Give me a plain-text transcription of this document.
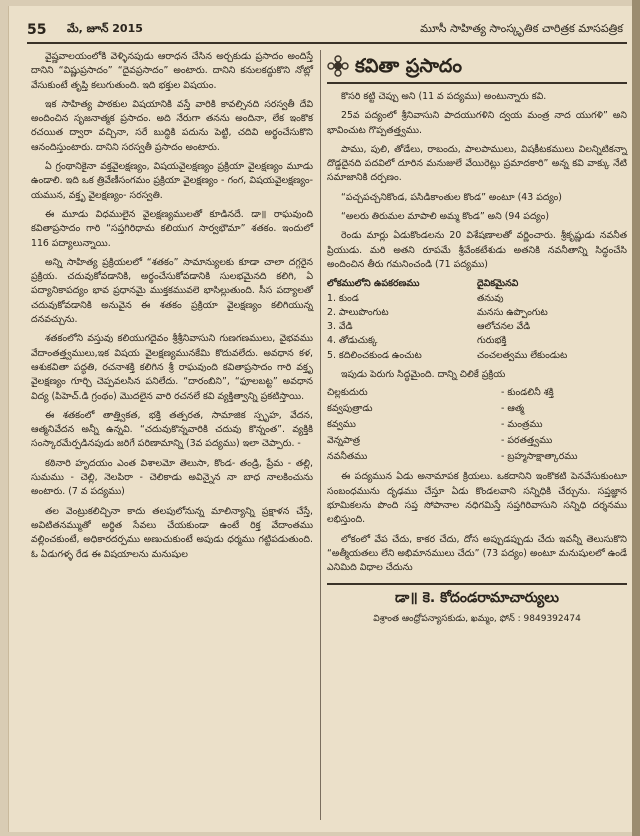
55	మే, జూన్ 2015	మూసీ సాహిత్య సాంస్కృతిక చారిత్రక మాసపత్రిక

వైష్ణవాలయంలోకి వెళ్ళినపుడు ఆరాధన చేసిన అర్చకుడు ప్రసాదం అందిస్తే దానిని “విష్ణుప్రసాదం” “దైవప్రసాదం” అంటారు. దానిని కనులకద్దుకొని నోట్లో వేసుకుంటే తృప్తి కలుగుతుంది. ఇది భక్తుల విషయం.

ఇక సాహిత్య పాఠకుల విషయానికి వస్తే వారికి కావల్సినది సరస్వతీ దేవి అందించిన సృజనాత్మక ప్రసాదం. అది నేరుగా తనను అందినా, లేక ఇంకొక రచయిత ద్వారా వచ్చినా, సరే బుద్ధికి పదును పెట్టి, చదివి అర్థంచేసుకొని ఆనందిస్తుంటారు. దానిని సరస్వతీ ప్రసాదం అంటారు.

ఏ గ్రంథానికైనా వక్తవైలక్షణ్యం, విషయవైలక్షణ్యం ప్రక్రియా వైలక్షణ్యం మూడు ఉండాలి. ఇది ఒక త్రివేణీసంగమం ప్రక్రియా వైలక్షణ్యం - గంగ, విషయవైలక్షణ్యం- యమున, వక్తృ వైలక్షణ్యం- సరస్వతి.

ఈ మూడు విధములైన వైలక్షణ్యములతో కూడినదే. డా॥ రాఘవుంది కవితాప్రసాదం గారి “సప్తగిరిధామ కలియుగ సార్వభౌమా” శతకం. ఇందులో 116 పద్యాలున్నాయి.

అన్ని సాహిత్య ప్రక్రియలలో “శతకం” సామాన్యులకు కూడా చాలా దగ్గరైన ప్రక్రియ. చదువుకోవడానికి, అర్థంచేసుకోవడానికి సులభమైనది కలిగి, ఏ పద్యానికాపద్యం భావ ప్రధానమై ముక్తకమువలె భాసిల్లుతుంది. సీస పద్యాలతో చదువుకోవడానికి అనువైన ఈ శతకం ప్రక్రియా వైలక్షణ్యం కలిగియున్న దనవచ్చును.

శతకంలోని వస్తువు కలియుగదైవం శ్రీశ్రీనివాసుని గుణగణములు, వైభవము వేదాంతత్త్వములు,ఇక విషయ వైలక్షణ్యమునకేమి కొదువలేదు. అవధాన కళ, ఆశుకవితా పద్ధతి, రచనాశక్తి కలిగిన శ్రీ రాఘవుంది కవితాప్రసాదం గారి వక్తృ వైలక్షణ్యం గూర్చి చెప్పవలసిన పనిలేదు. “దారంబిని”, “ఫూలబట్ట” అవధాన విద్య (పిహెచ్.డి గ్రంథం) మొదలైన వారి రచనలే కవి వ్యక్తిత్వాన్ని ప్రకటిస్తాయి.

ఈ శతకంలో తాత్త్వికత, భక్తి తత్పరత, సామాజిక స్పృహ, వేదన, ఆత్మనివేదన అన్నీ ఉన్నవి. “చదువుకొన్నవారికి చదువు కొన్నంత”. వ్యక్తికి సంస్కారమేర్పడినపుడు జరిగే పరిణామాన్ని (3వ పద్యము) ఇలా చెప్పారు. -

కఠినారి హృదయం ఎంత విశాలమో తెలుసా, కొండ- తండ్రి, ప్రేమ - తల్లి, సుమము - చెల్లి, నెలపిరా - చెలికాడు అవిన్నైన నా బాధ నాలకించును అంటారు. (7 వ పద్యము)

తల వెంట్రుకలిచ్చినా కాదు తలపులోనున్న మాలిన్యాన్ని ప్రక్షాళన చేస్తే, అవిటితనమ్ముతో అర్థిత సేవలు చేయకుండా ఉంటే రిక్త వేదాంతము వల్లించకుంటే, అధికారదర్పము అణుచుకుంటే అపుడు ధర్మము గట్టిపడుతుంది. ఓ ఏడుగళ్ళ రేడ ఈ విషయాలను మనుషుల

కవితా ప్రసాదం

కొసరి కట్టి చెప్పు అని (11 వ పద్యము) అంటున్నారు కవి.

25వ పద్యంలో శ్రీనివాసుని పాదయుగళిని ద్వయ మంత్ర నాద యుగళి” అని భావించుట గొప్పతత్త్వము.

పాము, పులి, తోడేలు, రాబందు, పాలపాములు, విషకీటకములు విలన్నిటికన్నా దొడ్డదైనది పదవిలో దూరిన మనుజులే వేయిరెట్లు ప్రమాదకారి” అన్న కవి వాక్కు నేటి సమాజానికి దర్పణం.

“పచ్చపచ్చనికొండ, పసిడికాంతుల కొండ” అంటూ (43 పద్యం)

“అలరు తిరుమల మాపాలి అమ్మ కొండ” అని (94 పద్యం)

రెండు మార్లు ఏడుకొండలను 20 విశేషణాలతో వర్ణించారు. శ్రీకృష్ణుడు నవనీత ప్రియుడు. మరి అతని రూపమే శ్రీవేంకటేశుడు అతనికి నవనీతాన్ని సిద్ధంచేసి అందించిన తీరు గమనించండి (71 పద్యము)

లోకములోని ఉపకరణము	దైవికమైనవి
1. కుండ	తనువు
2. పాలుపొంగుట	మనసు ఉప్పొంగుట
3. వేడి	ఆలోచనల వేడి
4. తోడుచుక్క	గురుభక్తి
5. కదిలించకుండ ఉంచుట	చంచలత్వము లేకుండుట

ఇపుడు పెరుగు సిద్ధమైంది. దాన్ని చిలికే ప్రక్రియ

చిల్లకుదురు	- కుండలినీ శక్తి
కవ్వపుత్రాడు	- ఆత్మ
కవ్వము	- మంత్రము
వెన్నపాత్ర	- పరతత్త్వము
నవనీతము	- బ్రహ్మసాక్షాత్కారము

ఈ పద్యమున ఏడు అనామాపక క్రియలు. ఒకదానిని ఇంకొకటి పెనవేసుకుంటూ సంబంధమును దృఢము చేస్తూ ఏడు కొండలవాని సన్నిధికి చేర్చును. సప్తజ్ఞాన భూమికలను పొంది సప్త సోపానాల నధిగమిస్తే సప్తగిరివాసుని సన్నిధి దర్శనము లభిస్తుంది.

లోకంలో వేప చేదు, కాకర చేదు, దోస అప్పుడప్పుడు చేదు ఇవన్నీ తెలుసుకొని “అత్మీయతలు లేని అభిమానములు చేదు” (73 పద్యం) అంటూ మనుషులలో ఉండే ఎనిమిది విధాల చేదును

డా॥ కె. కోదండరామాచార్యులు
విశ్రాంత ఆంధ్రోపన్యాసకుడు, ఖమ్మం, ఫోన్ : 9849392474
